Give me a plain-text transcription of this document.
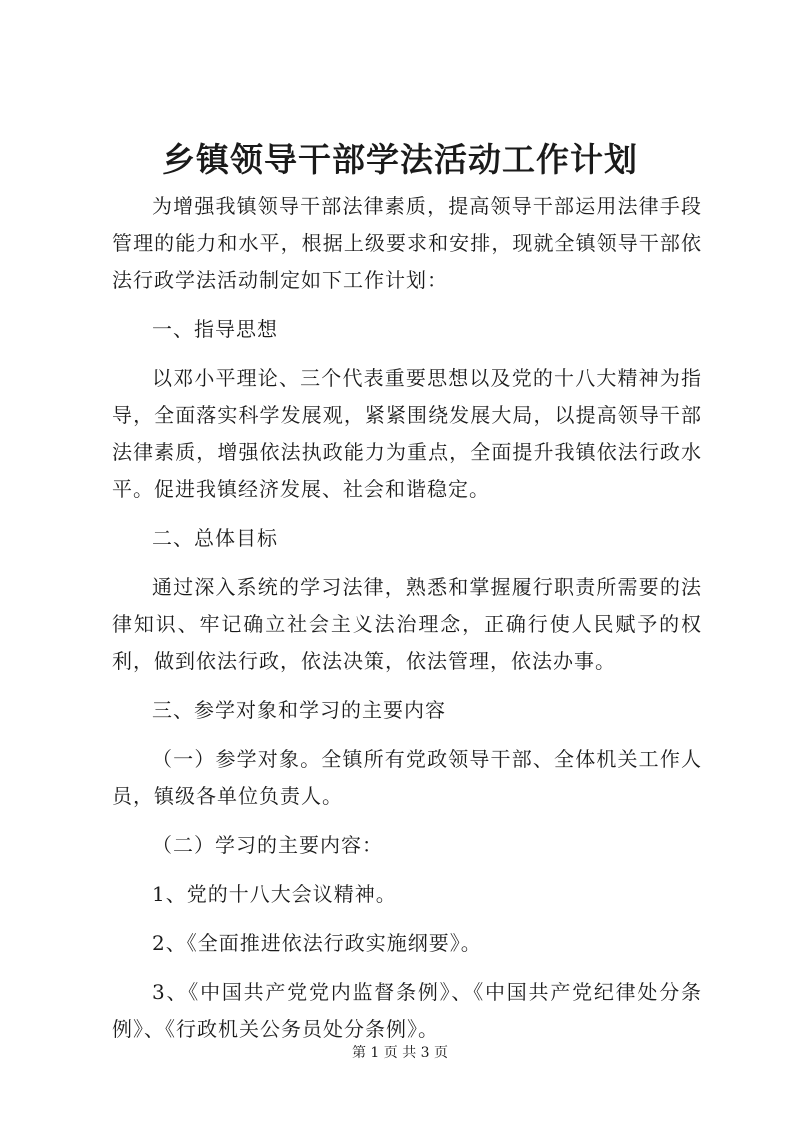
乡镇领导干部学法活动工作计划

为增强我镇领导干部法律素质，提高领导干部运用法律手段管理的能力和水平，根据上级要求和安排，现就全镇领导干部依法行政学法活动制定如下工作计划：

一、指导思想

以邓小平理论、三个代表重要思想以及党的十八大精神为指导，全面落实科学发展观，紧紧围绕发展大局，以提高领导干部法律素质，增强依法执政能力为重点，全面提升我镇依法行政水平。促进我镇经济发展、社会和谐稳定。

二、总体目标

通过深入系统的学习法律，熟悉和掌握履行职责所需要的法律知识、牢记确立社会主义法治理念，正确行使人民赋予的权利，做到依法行政，依法决策，依法管理，依法办事。

三、参学对象和学习的主要内容

（一）参学对象。全镇所有党政领导干部、全体机关工作人员，镇级各单位负责人。

（二）学习的主要内容：

1、党的十八大会议精神。

2、《全面推进依法行政实施纲要》。

3、《中国共产党党内监督条例》、《中国共产党纪律处分条例》、《行政机关公务员处分条例》。

第 1 页 共 3 页
